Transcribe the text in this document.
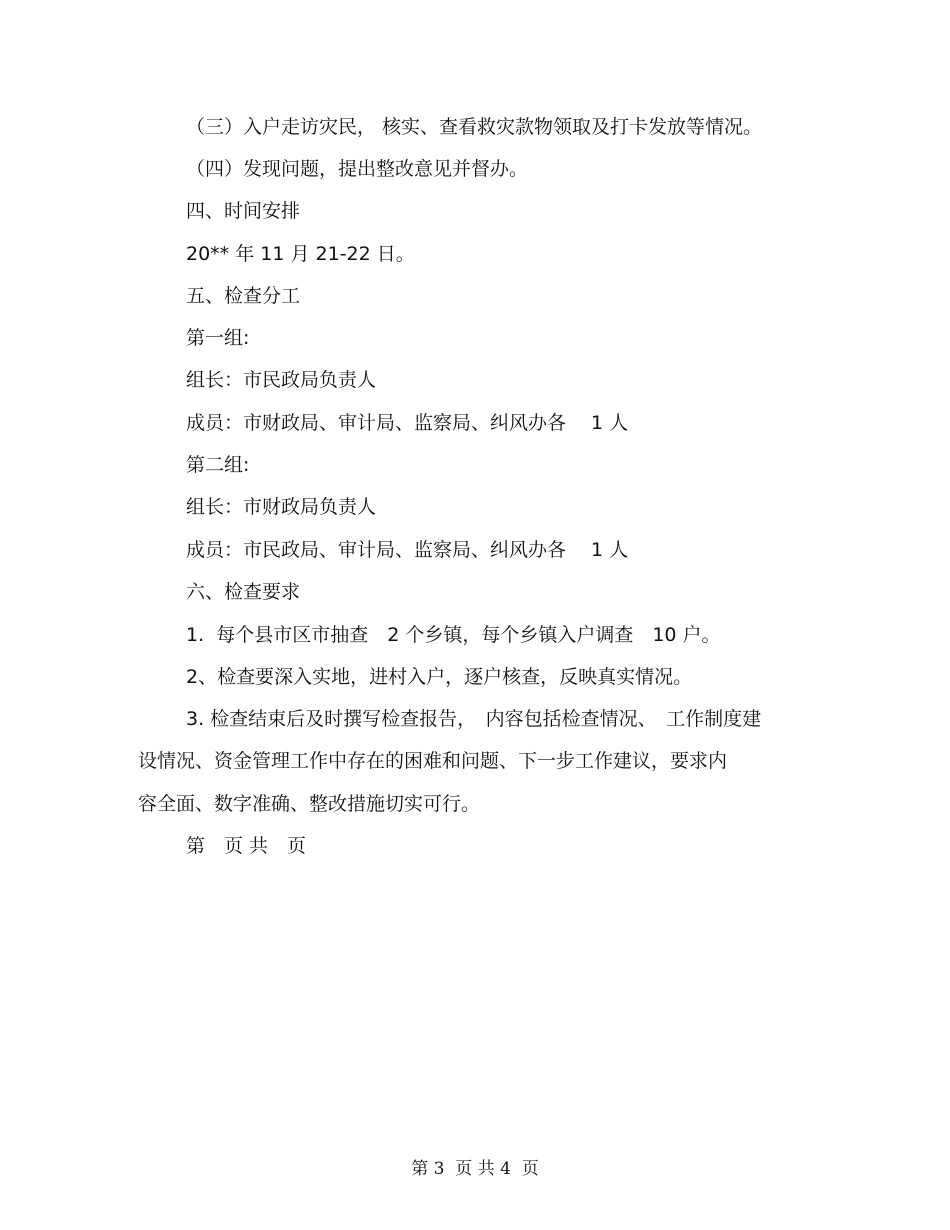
（三）入户走访灾民， 核实、查看救灾款物领取及打卡发放等情况。

（四）发现问题，提出整改意见并督办。

四、时间安排

20** 年 11 月 21-22 日。

五、检查分工

第一组:

组长：市民政局负责人

成员：市财政局、审计局、监察局、纠风办各　 1 人

第二组:

组长：市财政局负责人

成员：市民政局、审计局、监察局、纠风办各　 1 人

六、检查要求

1.  每个县市区市抽查　2 个乡镇，每个乡镇入户调查　10 户。

2、检查要深入实地，进村入户，逐户核查，反映真实情况。

3. 检查结束后及时撰写检查报告，　内容包括检查情况、　工作制度建

设情况、资金管理工作中存在的困难和问题、下一步工作建议，要求内

容全面、数字准确、整改措施切实可行。

第　页 共　页

第 3  页 共 4  页
